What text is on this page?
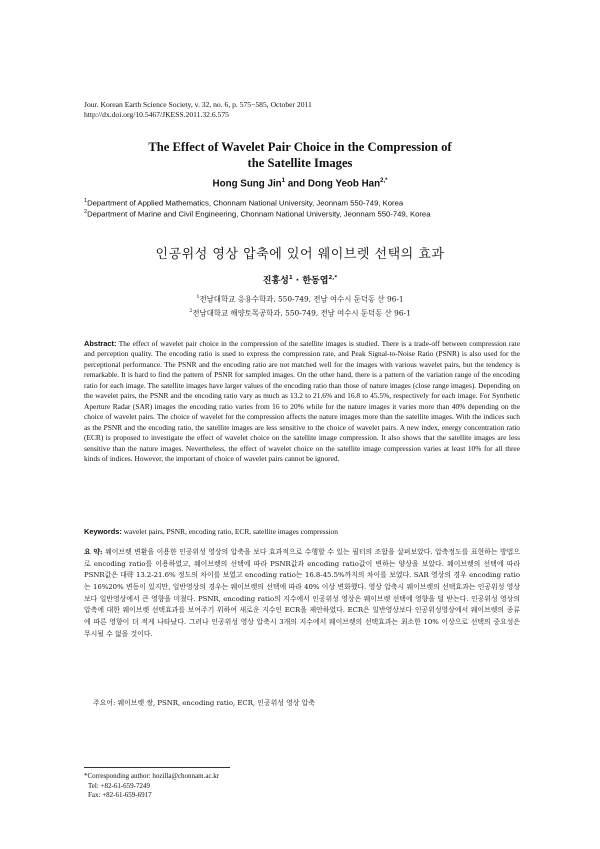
Jour. Korean Earth Science Society, v. 32, no. 6, p. 575−585, October 2011
http://dx.doi.org/10.5467/JKESS.2011.32.6.575
The Effect of Wavelet Pair Choice in the Compression of
the Satellite Images
Hong Sung Jin$^1$ and Dong Yeob Han$^{2,*}$
$^1$Department of Applied Mathematics, Chonnam National University, Jeonnam 550-749, Korea
$^2$Department of Marine and Civil Engineering, Chonnam National University, Jeonnam 550-749, Korea
인공위성 영상 압축에 있어 웨이브렛 선택의 효과
진홍성$^1$ · 한동엽$^{2,*}$
$^1$전남대학교 응용수학과, 550-749, 전남 여수시 둔덕동 산 96-1
$^2$전남대학교 해양토목공학과, 550-749, 전남 여수시 둔덕동 산 96-1
Abstract: The effect of wavelet pair choice in the compression of the satellite images is studied. There is a trade-off between compression rate and perception quality. The encoding ratio is used to express the compression rate, and Peak Signal-to-Noise Ratio (PSNR) is also used for the perceptional performance. The PSNR and the encoding ratio are not matched well for the images with various wavelet pairs, but the tendency is remarkable. It is hard to find the pattern of PSNR for sampled images. On the other hand, there is a pattern of the variation range of the encoding ratio for each image. The satellite images have larger values of the encoding ratio than those of nature images (close range images). Depending on the wavelet pairs, the PSNR and the encoding ratio vary as much as 13.2 to 21.6% and 16.8 to 45.5%, respectively for each image. For Synthetic Aperture Radar (SAR) images the encoding ratio varies from 16 to 20% while for the nature images it varies more than 40% depending on the choice of wavelet pairs. The choice of wavelet for the compression affects the nature images more than the satellite images. With the indices such as the PSNR and the encoding ratio, the satellite images are less sensitive to the choice of wavelet pairs. A new index, energy concentration ratio (ECR) is proposed to investigate the effect of wavelet choice on the satellite image compression. It also shows that the satellite images are less sensitive than the nature images. Nevertheless, the effect of wavelet choice on the satellite image compression varies at least 10% for all three kinds of indices. However, the important of choice of wavelet pairs cannot be ignored.
Keywords: wavelet pairs, PSNR, encoding ratio, ECR, satellite images compression
요 약: 웨이브렛 변환을 이용한 인공위성 영상의 압축을 보다 효과적으로 수행할 수 있는 필터의 조합을 살펴보았다. 압축정도를 표현하는 방법으로 encoding ratio를 이용하였고, 웨이브렛의 선택에 따라 PSNR값과 encoding ratio값이 변하는 양상을 보았다. 웨이브렛의 선택에 따라 PSNR값은 대략 13.2-21.6% 정도의 차이를 보였고 encoding ratio는 16.8-45.5%까지의 차이를 보였다. SAR 영상의 경우 encoding ratio는 16%20% 변동이 있지만, 일반영상의 경우는 웨이브렛의 선택에 따라 40% 이상 변화했다. 영상 압축시 웨이브렛의 선택효과는 인공위성 영상보다 일반영상에서 큰 영향을 미쳤다. PSNR, encoding ratio의 지수에서 인공위성 영상은 웨이브렛 선택에 영향을 덜 받는다. 인공위성 영상의 압축에 대한 웨이브렛 선택효과를 보여주기 위하여 새로운 지수인 ECR을 제안하였다. ECR은 일반영상보다 인공위성영상에서 웨이브렛의 종류에 따른 영향이 더 적게 나타났다. 그러나 인공위성 영상 압축시 3개의 지수에서 웨이브렛의 선택효과는 최소한 10% 이상으로 선택의 중요성은 무시될 수 없을 것이다.
주요어: 웨이브렛 쌍, PSNR, encoding ratio, ECR, 인공위성 영상 압축
*Corresponding author: hozilla@chonnam.ac.kr
Tel: +82-61-659-7249
Fax: +82-61-659-6917
